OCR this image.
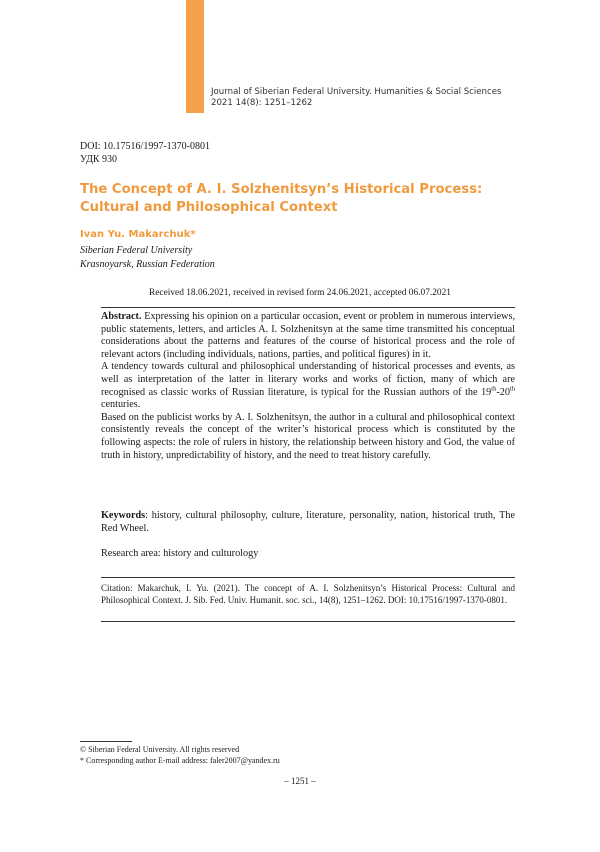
Journal of Siberian Federal University. Humanities & Social Sciences
2021 14(8): 1251–1262
DOI: 10.17516/1997-1370-0801
УДК 930
The Concept of A. I. Solzhenitsyn’s Historical Process:
Cultural and Philosophical Context
Ivan Yu. Makarchuk*
Siberian Federal University
Krasnoyarsk, Russian Federation
Received 18.06.2021, received in revised form 24.06.2021, accepted 06.07.2021

Abstract. Expressing his opinion on a particular occasion, event or problem in numerous interviews, public statements, letters, and articles A. I. Solzhenitsyn at the same time transmitted his conceptual considerations about the patterns and features of the course of historical process and the role of relevant actors (including individuals, nations, parties, and political figures) in it.

A tendency towards cultural and philosophical understanding of historical processes and events, as well as interpretation of the latter in literary works and works of fiction, many of which are recognised as classic works of Russian literature, is typical for the Russian authors of the 19th-20th centuries.

Based on the publicist works by A. I. Solzhenitsyn, the author in a cultural and philosophical context consistently reveals the concept of the writer’s historical process which is constituted by the following aspects: the role of rulers in history, the relationship between history and God, the value of truth in history, unpredictability of history, and the need to treat history carefully.

Keywords: history, cultural philosophy, culture, literature, personality, nation, historical truth, The Red Wheel.
Research area: history and culturology
Citation: Makarchuk, I. Yu. (2021). The concept of A. I. Solzhenitsyn’s Historical Process: Cultural and Philosophical Context. J. Sib. Fed. Univ. Humanit. soc. sci., 14(8), 1251–1262. DOI: 10.17516/1997-1370-0801.
© Siberian Federal University. All rights reserved
* Corresponding author E-mail address: faler2007@yandex.ru
– 1251 –
